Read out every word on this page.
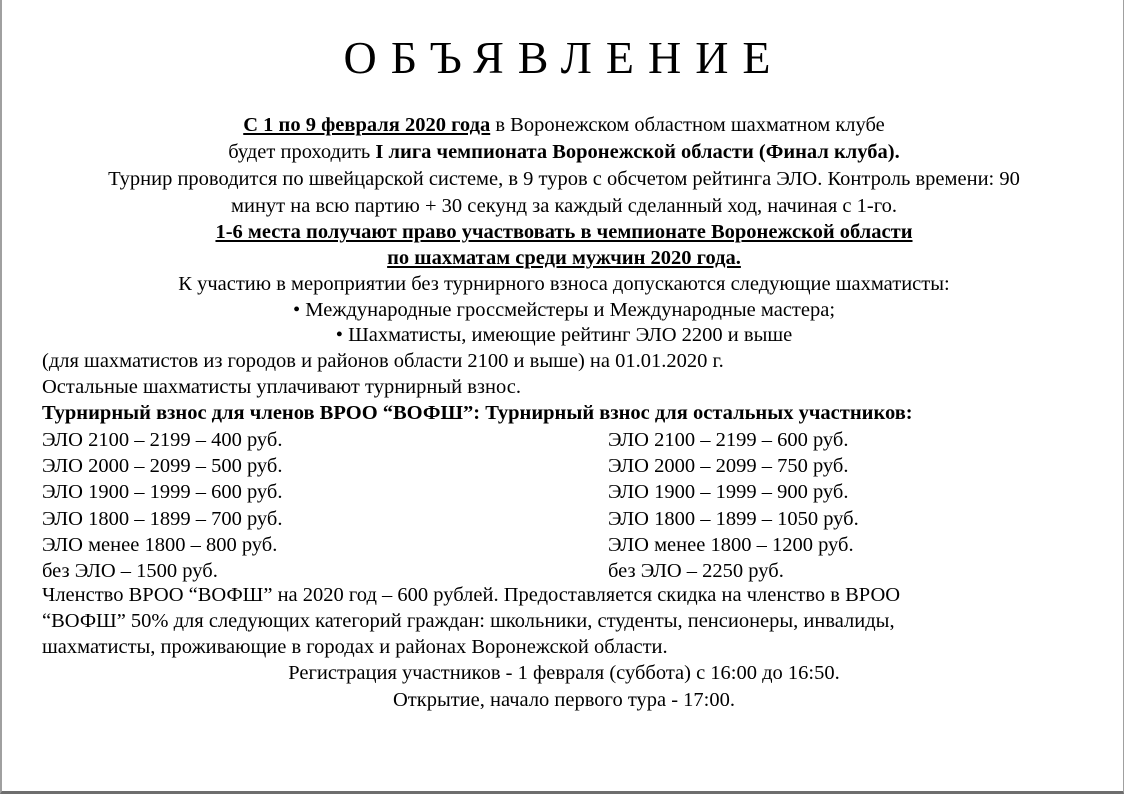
ОБЪЯВЛЕНИЕ
С 1 по 9 февраля 2020 года в Воронежском областном шахматном клубе
будет проходить I лига чемпионата Воронежской области (Финал клуба).
Турнир проводится по швейцарской системе, в 9 туров с обсчетом рейтинга ЭЛО. Контроль времени: 90
минут на всю партию + 30 секунд за каждый сделанный ход, начиная с 1-го.
1-6 места получают право участвовать в чемпионате Воронежской области
по шахматам среди мужчин 2020 года.
К участию в мероприятии без турнирного взноса допускаются следующие шахматисты:
• Международные гроссмейстеры и Международные мастера;
• Шахматисты, имеющие рейтинг ЭЛО 2200 и выше
(для шахматистов из городов и районов области 2100 и выше) на 01.01.2020 г.
Остальные шахматисты уплачивают турнирный взнос.
Турнирный взнос для членов ВРОО “ВОФШ”: Турнирный взнос для остальных участников:
ЭЛО 2100 – 2199 – 400 руб.
ЭЛО 2000 – 2099 – 500 руб.
ЭЛО 1900 – 1999 – 600 руб.
ЭЛО 1800 – 1899 – 700 руб.
ЭЛО менее 1800 – 800 руб.
без ЭЛО – 1500 руб.
ЭЛО 2100 – 2199 – 600 руб.
ЭЛО 2000 – 2099 – 750 руб.
ЭЛО 1900 – 1999 – 900 руб.
ЭЛО 1800 – 1899 – 1050 руб.
ЭЛО менее 1800 – 1200 руб.
без ЭЛО – 2250 руб.
Членство ВРОО “ВОФШ” на 2020 год – 600 рублей. Предоставляется скидка на членство в ВРОО
“ВОФШ” 50% для следующих категорий граждан: школьники, студенты, пенсионеры, инвалиды,
шахматисты, проживающие в городах и районах Воронежской области.
Регистрация участников - 1 февраля (суббота) с 16:00 до 16:50.
Открытие, начало первого тура - 17:00.
